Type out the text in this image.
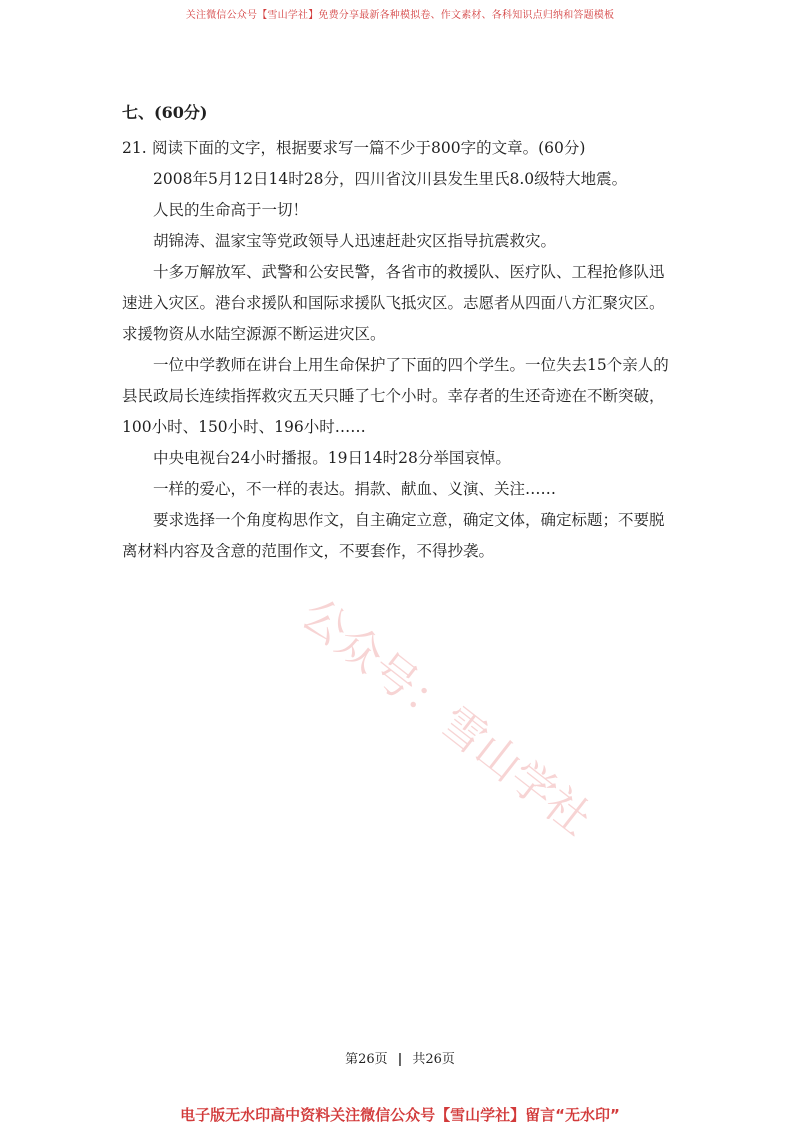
关注微信公众号【雪山学社】免费分享最新各种模拟卷、作文素材、各科知识点归纳和答题模板
七、(60分)
21. 阅读下面的文字，根据要求写一篇不少于800字的文章。(60分)
2008年5月12日14时28分，四川省汶川县发生里氏8.0级特大地震。
人民的生命高于一切！
胡锦涛、温家宝等党政领导人迅速赶赴灾区指导抗震救灾。
十多万解放军、武警和公安民警，各省市的救援队、医疗队、工程抢修队迅速进入灾区。港台求援队和国际求援队飞抵灾区。志愿者从四面八方汇聚灾区。求援物资从水陆空源源不断运进灾区。
一位中学教师在讲台上用生命保护了下面的四个学生。一位失去15个亲人的县民政局长连续指挥救灾五天只睡了七个小时。幸存者的生还奇迹在不断突破，100小时、150小时、196小时……
中央电视台24小时播报。19日14时28分举国哀悼。
一样的爱心，不一样的表达。捐款、献血、义演、关注……
要求选择一个角度构思作文，自主确定立意，确定文体，确定标题；不要脱离材料内容及含意的范围作文，不要套作，不得抄袭。
公众号：雪山学社
第26页 | 共26页
电子版无水印高中资料关注微信公众号【雪山学社】留言“无水印”
